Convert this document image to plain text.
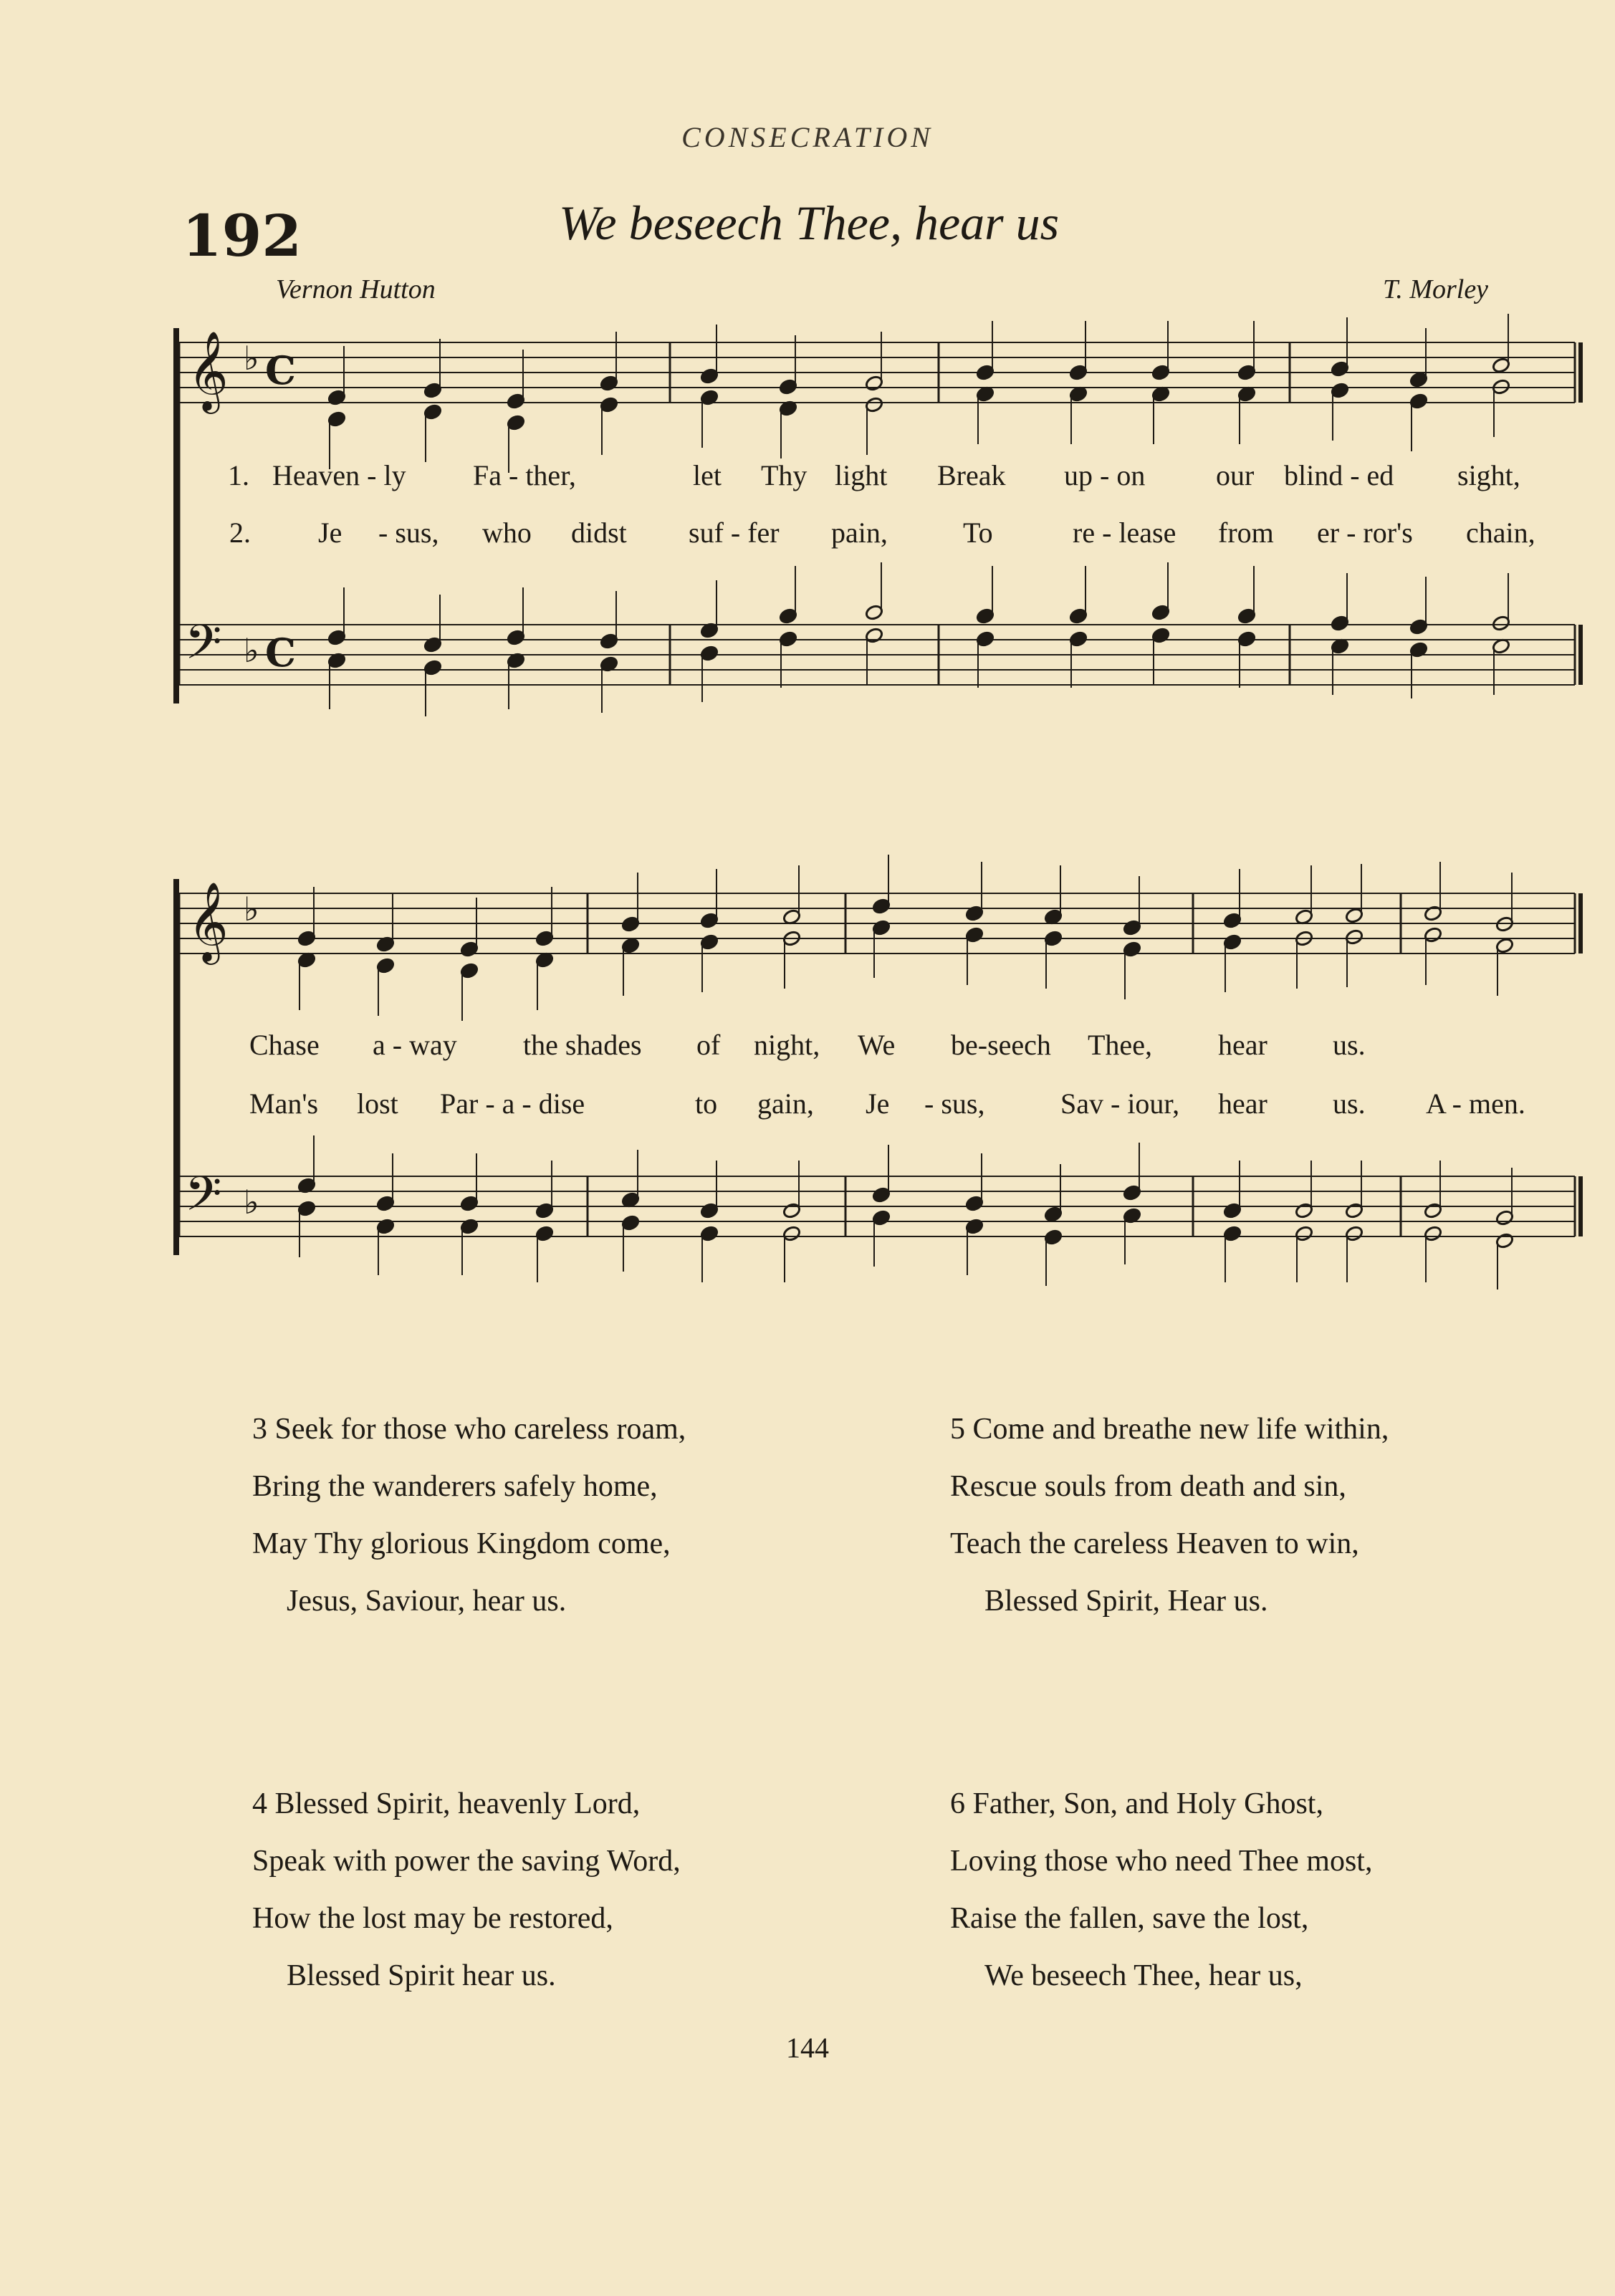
CONSECRATION
192	We beseech Thee, hear us
Vernon Hutton	T. Morley
𝄞
𝄢
♭
♭
C
C
𝄞
𝄢
♭
♭
1. Heaven - ly Fa - ther,	let Thy light Break up - on our blind - ed sight,
2. Je - sus, who didst suf - fer pain,	To	re - lease from er - ror's chain,
Chase a - way the shades of night, We be-seech Thee, hear us.
Man's lost Par - a - dise	to gain, Je - sus,	Sav - iour, hear us. A - men.
3 Seek for those who careless roam,
Bring the wanderers safely home,
May Thy glorious Kingdom come,
Jesus, Saviour, hear us.
5 Come and breathe new life within,
Rescue souls from death and sin,
Teach the careless Heaven to win,
Blessed Spirit, Hear us.
4 Blessed Spirit, heavenly Lord,
Speak with power the saving Word,
How the lost may be restored,
Blessed Spirit hear us.
6 Father, Son, and Holy Ghost,
Loving those who need Thee most,
Raise the fallen, save the lost,
We beseech Thee, hear us,
144
